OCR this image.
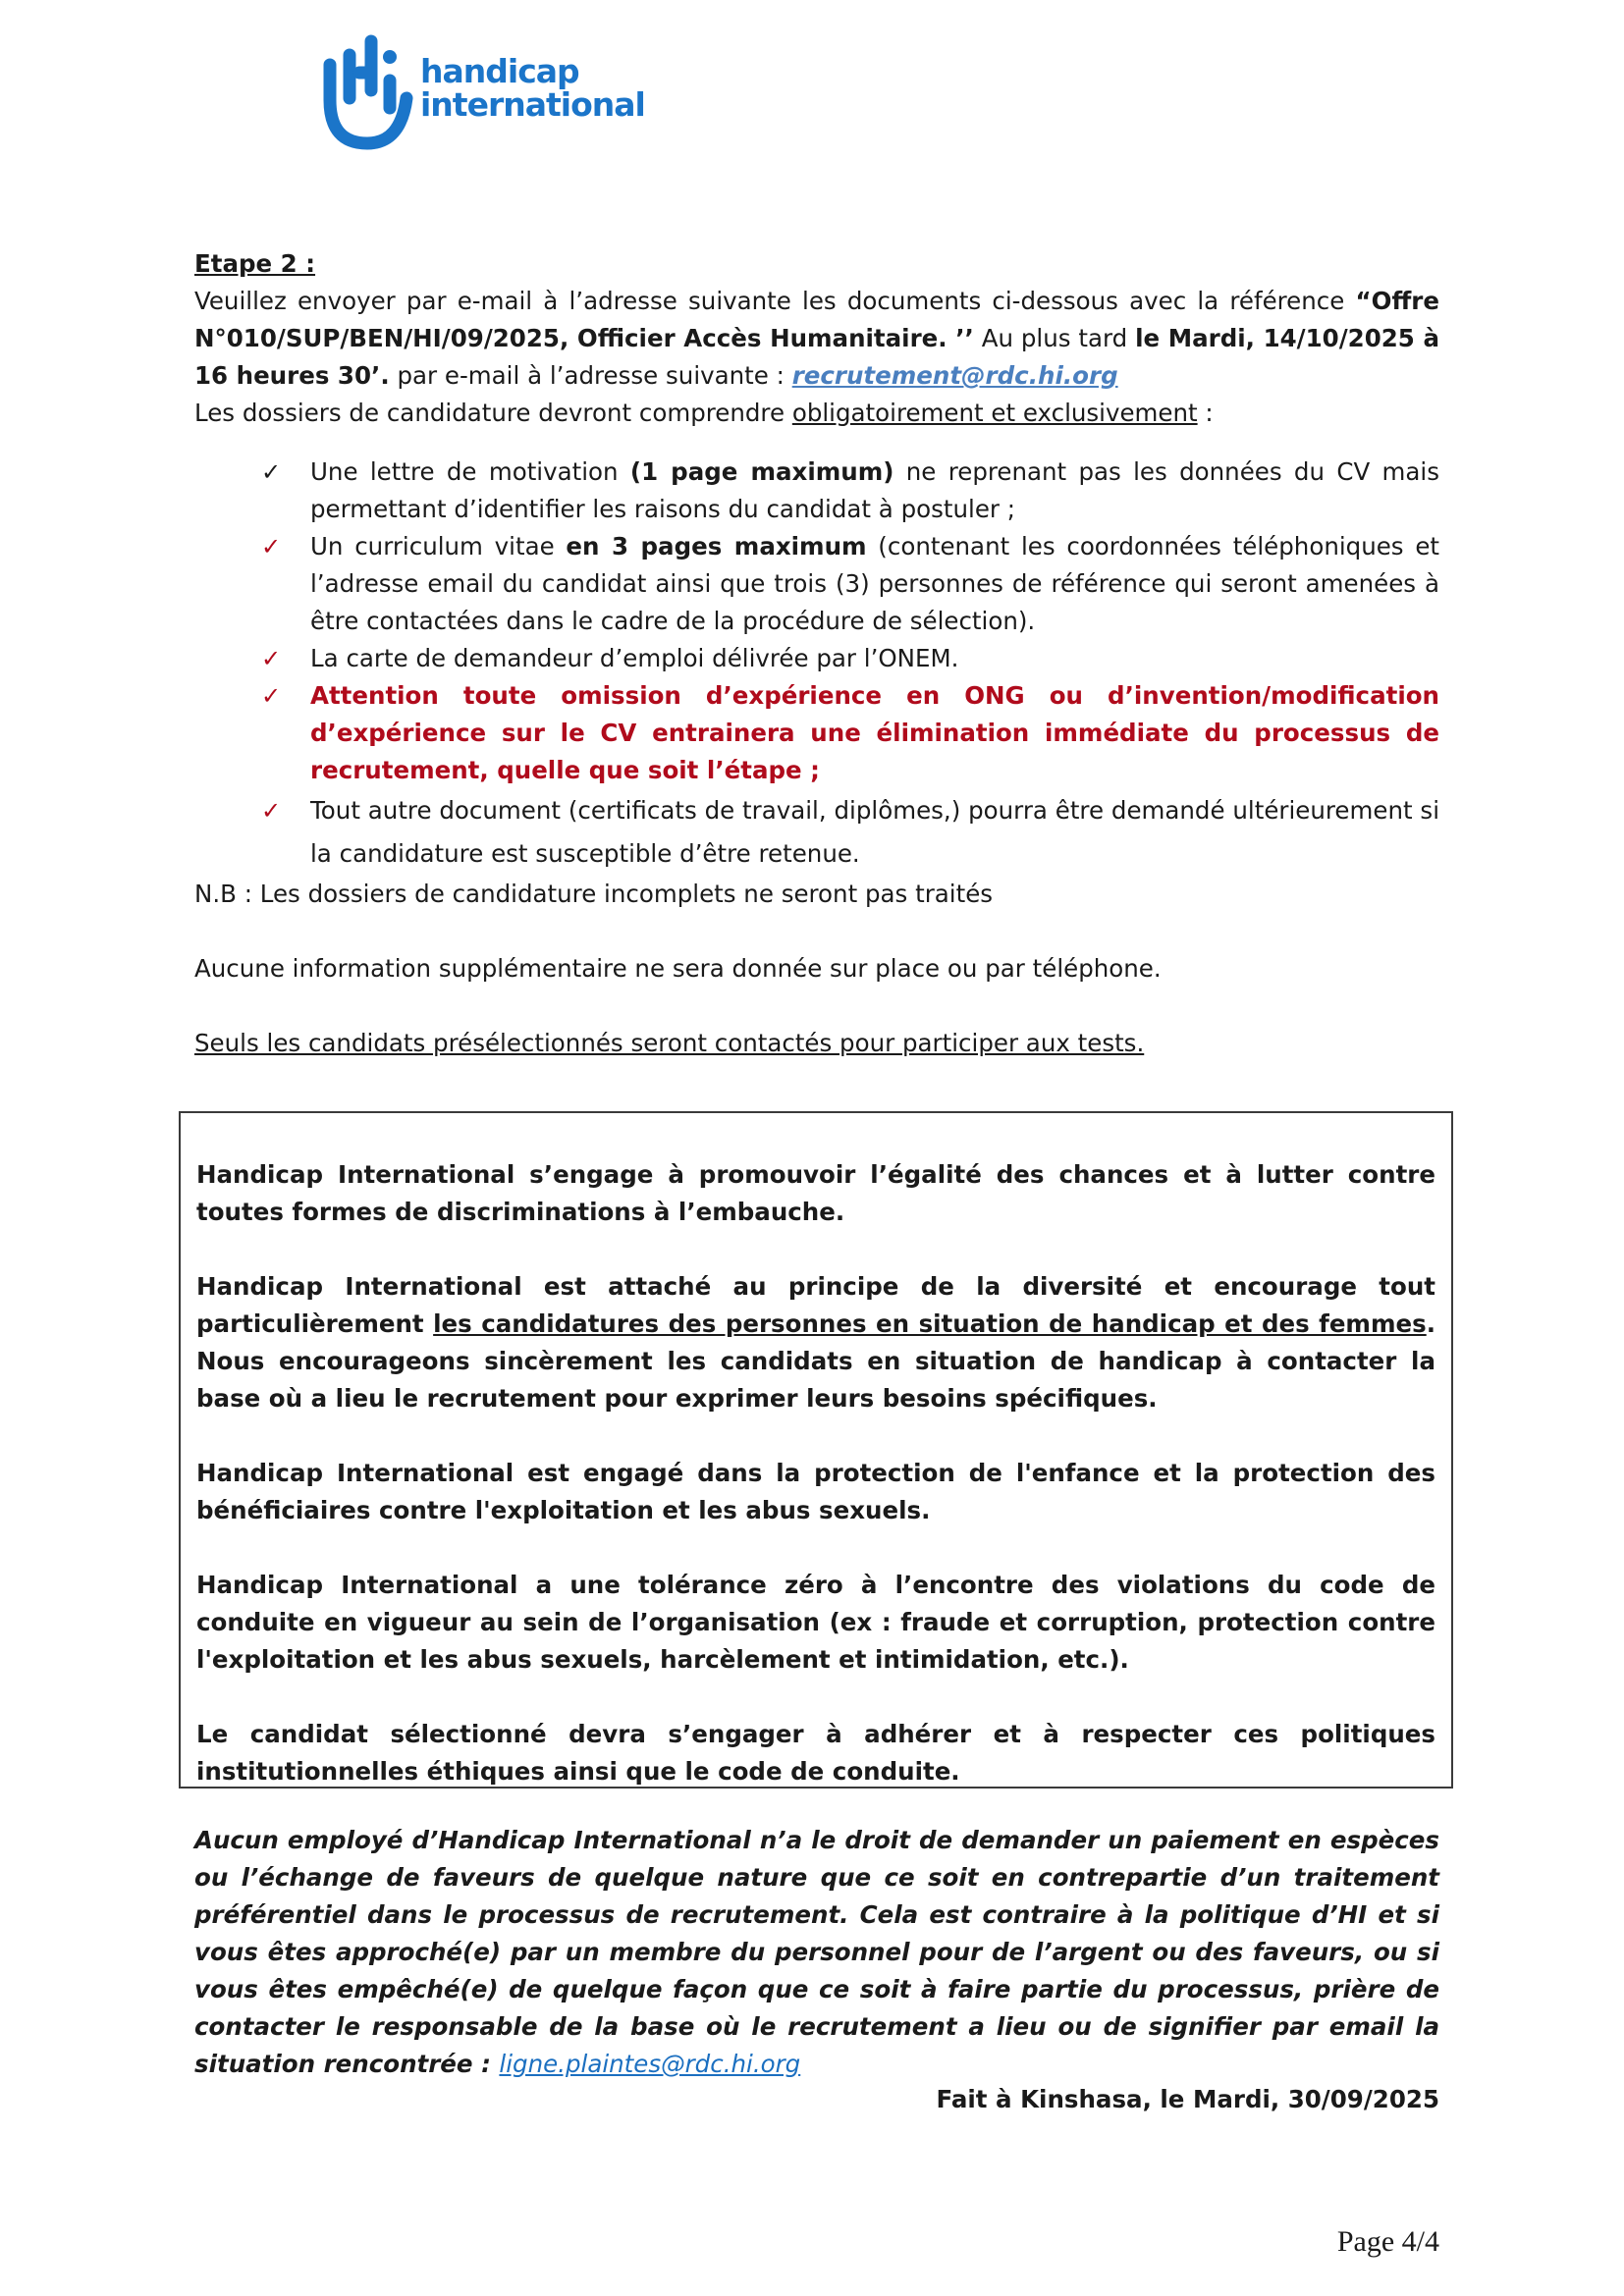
handicap
international

Etape 2 :

Veuillez envoyer par e-mail à l’adresse suivante les documents ci-dessous avec la référence “Offre N°010/SUP/BEN/HI/09/2025, Officier Accès Humanitaire. ’’ Au plus tard le Mardi, 14/10/2025 à 16 heures 30’. par e-mail à l’adresse suivante : recrutement@rdc.hi.org

Les dossiers de candidature devront comprendre obligatoirement et exclusivement :

✓ Une lettre de motivation (1 page maximum) ne reprenant pas les données du CV mais permettant d’identifier les raisons du candidat à postuler ;
✓ Un curriculum vitae en 3 pages maximum (contenant les coordonnées téléphoniques et l’adresse email du candidat ainsi que trois (3) personnes de référence qui seront amenées à être contactées dans le cadre de la procédure de sélection).
✓ La carte de demandeur d’emploi délivrée par l’ONEM.
✓ Attention toute omission d’expérience en ONG ou d’invention/modification d’expérience sur le CV entrainera une élimination immédiate du processus de recrutement, quelle que soit l’étape ;
✓ Tout autre document (certificats de travail, diplômes,) pourra être demandé ultérieurement si la candidature est susceptible d’être retenue.

N.B : Les dossiers de candidature incomplets ne seront pas traités

Aucune information supplémentaire ne sera donnée sur place ou par téléphone.

Seuls les candidats présélectionnés seront contactés pour participer aux tests.

Handicap International s’engage à promouvoir l’égalité des chances et à lutter contre toutes formes de discriminations à l’embauche.

Handicap International est attaché au principe de la diversité et encourage tout particulièrement les candidatures des personnes en situation de handicap et des femmes. Nous encourageons sincèrement les candidats en situation de handicap à contacter la base où a lieu le recrutement pour exprimer leurs besoins spécifiques.

Handicap International est engagé dans la protection de l'enfance et la protection des bénéficiaires contre l'exploitation et les abus sexuels.

Handicap International a une tolérance zéro à l’encontre des violations du code de conduite en vigueur au sein de l’organisation (ex : fraude et corruption, protection contre l'exploitation et les abus sexuels, harcèlement et intimidation, etc.).

Le candidat sélectionné devra s’engager à adhérer et à respecter ces politiques institutionnelles éthiques ainsi que le code de conduite.

Aucun employé d’Handicap International n’a le droit de demander un paiement en espèces ou l’échange de faveurs de quelque nature que ce soit en contrepartie d’un traitement préférentiel dans le processus de recrutement. Cela est contraire à la politique d’HI et si vous êtes approché(e) par un membre du personnel pour de l’argent ou des faveurs, ou si vous êtes empêché(e) de quelque façon que ce soit à faire partie du processus, prière de contacter le responsable de la base où le recrutement a lieu ou de signifier par email la situation rencontrée : ligne.plaintes@rdc.hi.org
Fait à Kinshasa, le Mardi, 30/09/2025
Page 4/4
